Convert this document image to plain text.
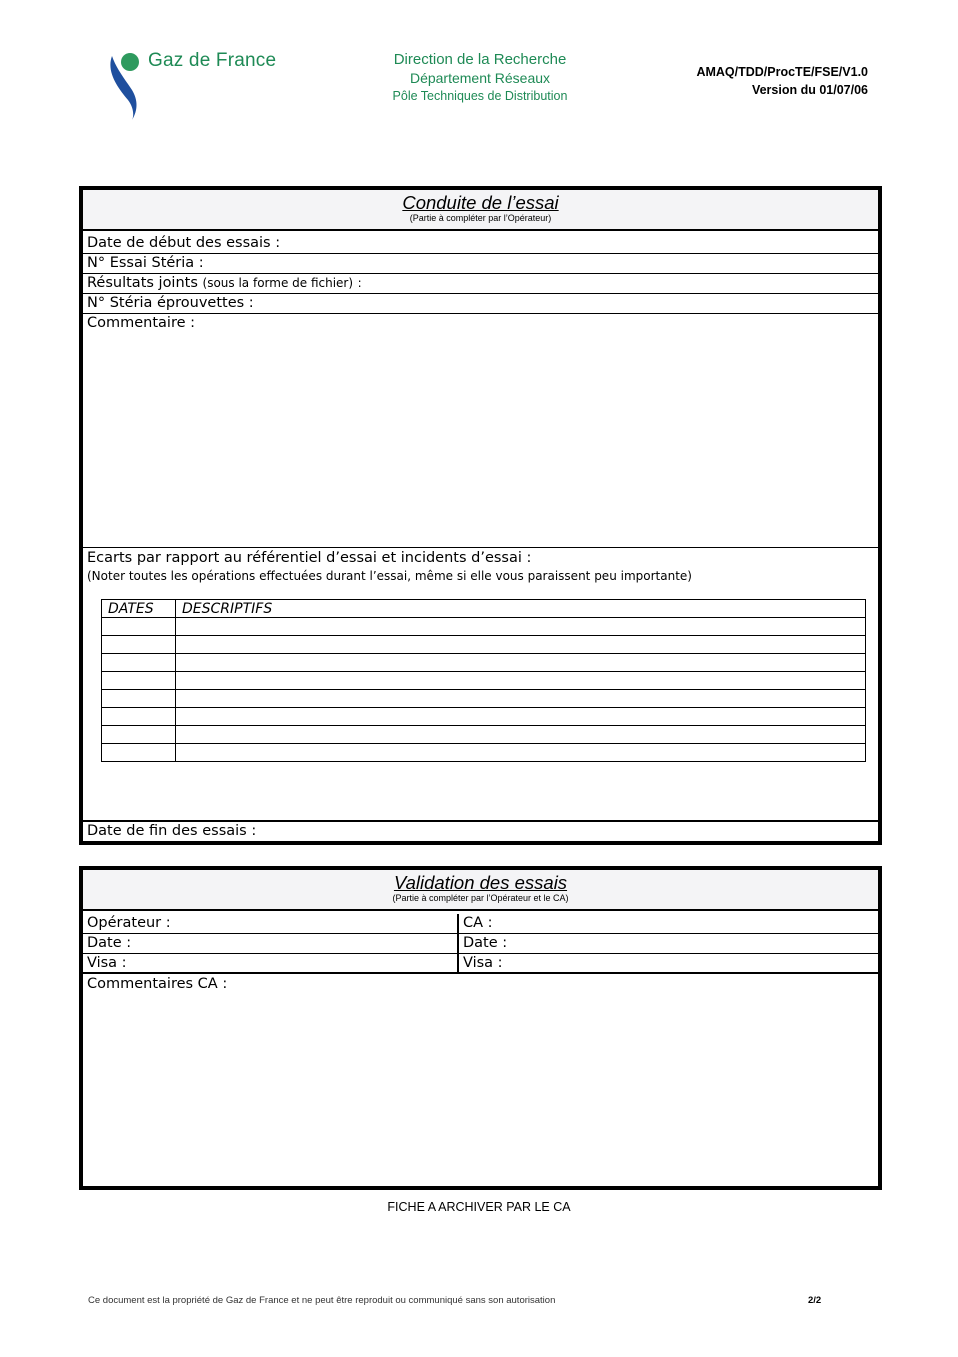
Gaz de France	Direction de la Recherche
Département Réseaux
Pôle Techniques de Distribution
AMAQ/TDD/ProcTE/FSE/V1.0
Version du 01/07/06
Conduite de l’essai
(Partie à compléter par l’Opérateur)
Date de début des essais :
N° Essai Stéria :
Résultats joints (sous la forme de fichier) :
N° Stéria éprouvettes :
Commentaire :
Ecarts par rapport au référentiel d’essai et incidents d’essai :
(Noter toutes les opérations effectuées durant l’essai, même si elle vous paraissent peu importante)
DATES	DESCRIPTIFS

Date de fin des essais :
Validation des essais
(Partie à compléter par l’Opérateur et le CA)
Opérateur :	CA :
Date :	Date :
Visa :	Visa :
Commentaires CA :
FICHE A ARCHIVER PAR LE CA
Ce document est la propriété de Gaz de France et ne peut être reproduit ou communiqué sans son autorisation	2/2
